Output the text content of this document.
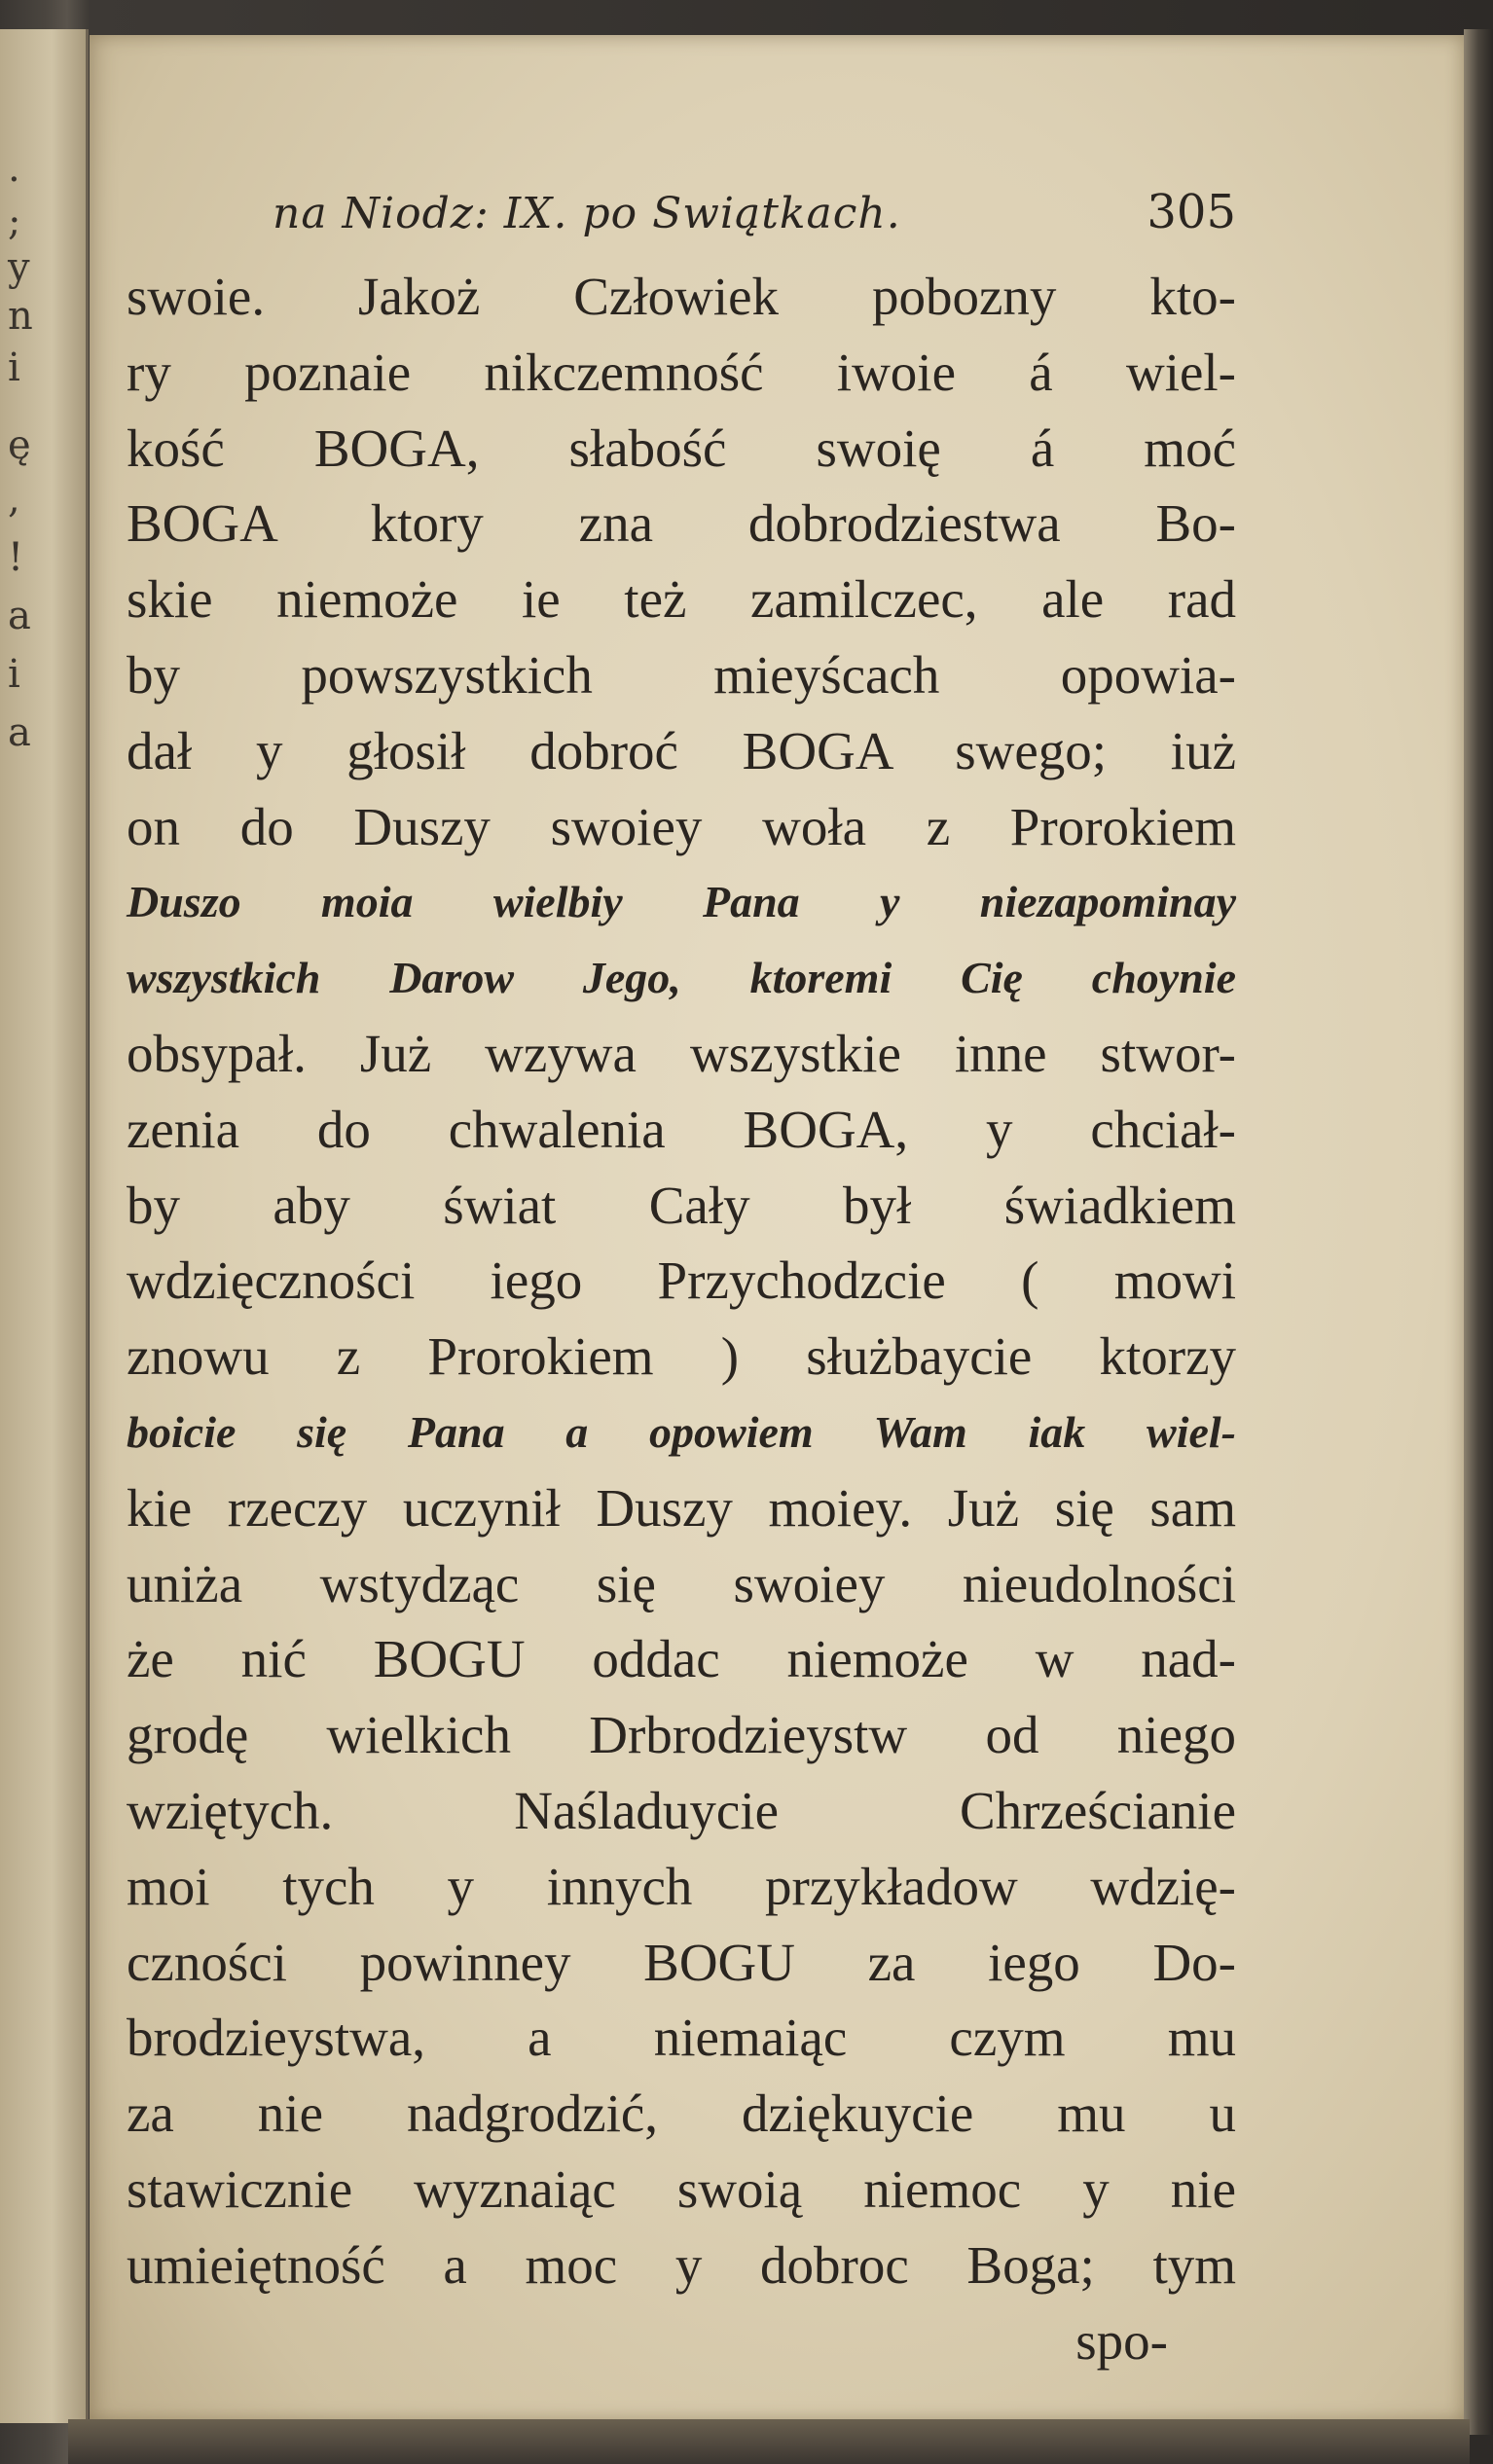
.
;
y
n
i
ę
,
!
a
i
a
na Niodz: IX. po Swiątkach.	305
swoie. Jakoż Człowiek pobozny kto-
ry poznaie nikczemność iwoie á wiel-
kość BOGA, słabość swoię á moć
BOGA ktory zna dobrodziestwa Bo-
skie niemoże ie też zamilczec, ale rad
by powszystkich mieyścach opowia-
dał y głosił dobroć BOGA swego; iuż
on do Duszy swoiey woła z Prorokiem
Duszo moia wielbiy Pana y niezapominay
wszystkich Darow Jego, ktoremi Cię choynie
obsypał. Już wzywa wszystkie inne stwor-
zenia do chwalenia BOGA, y chciał-
by aby świat Cały był świadkiem
wdzięczności iego Przychodzcie ( mowi
znowu z Prorokiem ) służbaycie ktorzy
boicie się Pana a opowiem Wam iak wiel-
kie rzeczy uczynił Duszy moiey. Już się sam
uniża wstydząc się swoiey nieudolności
że nić BOGU oddac niemoże w nad-
grodę wielkich Drbrodzieystw od niego
wziętych. Naśladuycie Chrześcianie
moi tych y innych przykładow wdzię-
czności powinney BOGU za iego Do-
brodzieystwa, a niemaiąc czym mu
za nie nadgrodzić, dziękuycie mu u
stawicznie wyznaiąc swoią niemoc y nie
umieiętność a moc y dobroc Boga; tym
spo-
